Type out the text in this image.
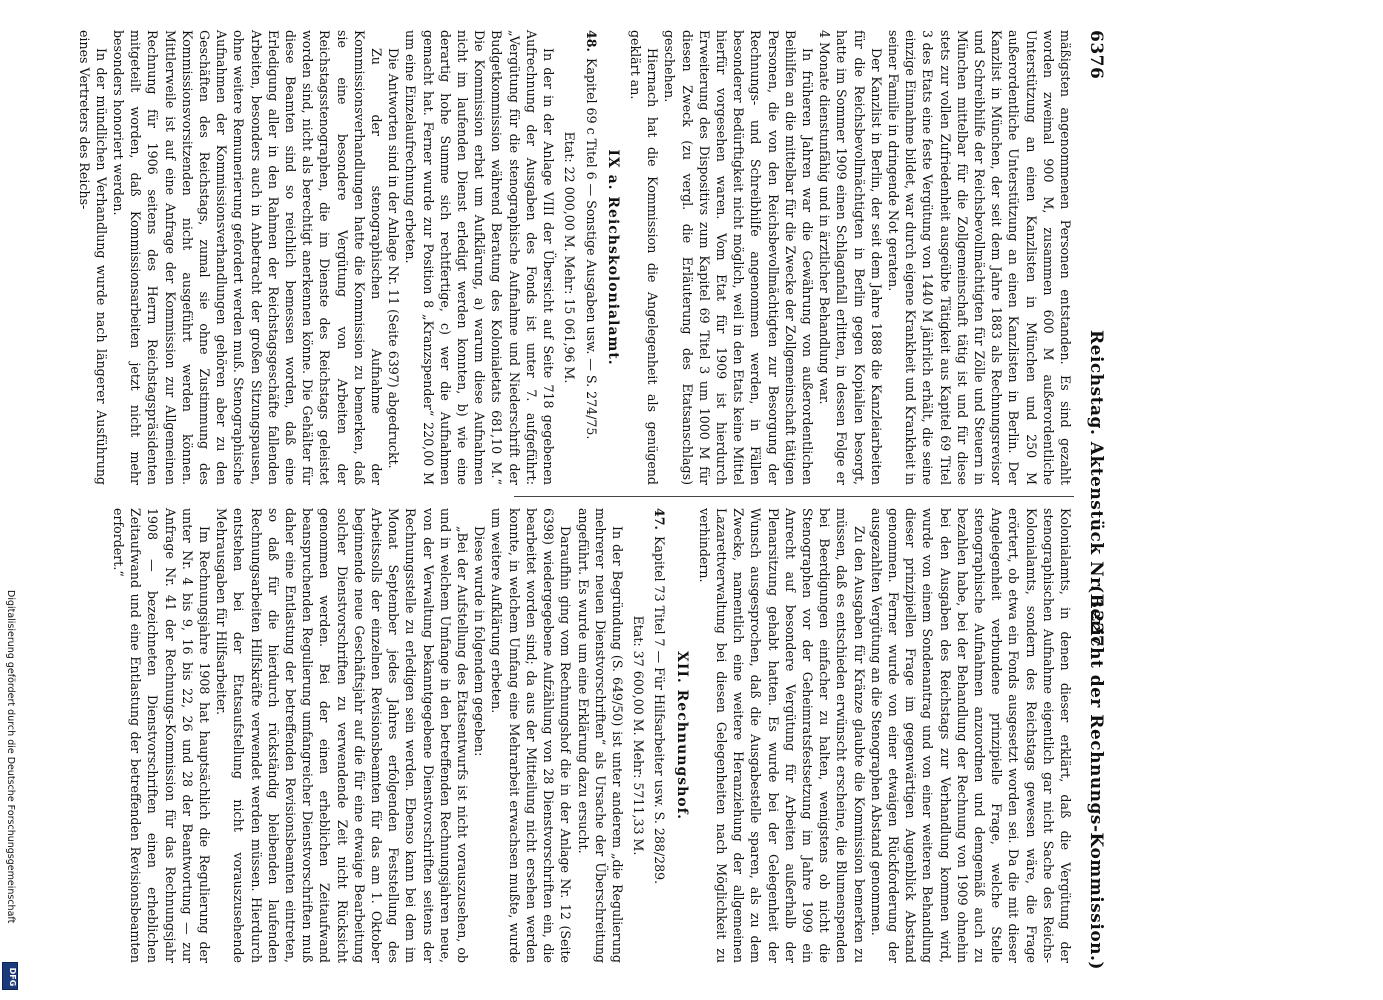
6376
Reichstag. Aktenstück Nr. 1227.
(Bericht der Rechnungs-Kommission.)

mäßigsten angenommenen Personen entstanden. Es sind gezahlt worden zweimal 900 M, zusammen 600 M außerordentliche Unterstützung an einen Kanzlisten in München und 250 M außerordentliche Unterstützung an einen Kanzlisten in Berlin. Der Kanzlist in München, der seit dem Jahre 1883 als Rechnungsrevisor und Schreibhilfe der Reichsbevollmächtigten für Zölle und Steuern in München mittelbar für die Zollgemeinschaft tätig ist und für diese stets zur vollen Zufriedenheit ausgeübte Tätigkeit aus Kapitel 69 Titel 3 des Etats eine feste Vergütung von 1440 M jährlich erhält, die seine einzige Einnahme bildet, war durch eigene Krankheit und Krankheit in seiner Familie in dringende Not geraten.

Der Kanzlist in Berlin, der seit dem Jahre 1888 die Kanzleiarbeiten für die Reichsbevollmächtigten in Berlin gegen Kopialien besorgt, hatte im Sommer 1909 einen Schlaganfall erlitten, in dessen Folge er 4 Monate dienstunfähig und in ärztlicher Behandlung war.

In früheren Jahren war die Gewährung von außerordentlichen Beihilfen an die mittelbar für die Zwecke der Zollgemeinschaft tätigen Personen, die von den Reichsbevollmächtigten zur Besorgung der Rechnungs- und Schreibhilfe angenommen werden, in Fällen besonderer Bedürftigkeit nicht möglich, weil in den Etats keine Mittel hierfür vorgesehen waren. Vom Etat für 1909 ist hierdurch Erweiterung des Dispositivs zum Kapitel 69 Titel 3 um 1000 M für diesen Zweck (zu vergl. die Erläuterung des Etatsanschlags) geschehen.

Hiernach hat die Kommission die Angelegenheit als genügend geklärt an.

IX a. Reichskolonialamt.

48.
Kapitel 69 c Titel 6 — Sonstige Ausgaben usw. — S. 274/75.

Etat: 22 000,00 M. Mehr: 15 061,96 M.

In der in der Anlage VIII der Übersicht auf Seite 718 gegebenen Aufrechnung der Ausgaben des Fonds ist unter 7. aufgeführt: „Vergütung für die stenographische Aufnahme und Niederschrift der Budgetkommission während Beratung des Kolonialetats 681,10 M.“ Die Kommission erbat um Aufklärung, a) warum diese Aufnahmen nicht im laufenden Dienst erledigt werden konnten, b) wie eine derartig hohe Summe sich rechtfertige, c) wer die Aufnahmen gemacht hat. Ferner wurde zur Position 8 „Kranzspender“ 220,00 M um eine Einzelaufrechnung erbeten.

Die Antworten sind in der Anlage Nr. 11 (Seite 6397) abgedruckt.

Zu der stenographischen Aufnahme der Kommissionsverhandlungen hatte die Kommission zu bemerken, daß sie eine besondere Vergütung von Arbeiten der Reichstagsstenographen, die im Dienste des Reichstags geleistet worden sind, nicht als berechtigt anerkennen könne. Die Gehälter für diese Beamten sind so reichlich bemessen worden, daß eine Erledigung aller in den Rahmen der Reichstagsgeschäfte fallenden Arbeiten, besonders auch in Anbetracht der großen Sitzungspausen, ohne weitere Remunerierung gefordert werden muß. Stenographische Aufnahmen der Kommissionsverhandlungen gehören aber zu den Geschäften des Reichstags, zumal sie ohne Zustimmung des Kommissionsvorsitzenden nicht ausgeführt werden können. Mittlerweile ist auf eine Anfrage der Kommission zur Allgemeinen Rechnung für 1906 seitens des Herrn Reichstagspräsidenten mitgeteilt worden, daß Kommissionsarbeiten jetzt nicht mehr besonders honoriert werden.

In der mündlichen Verhandlung wurde nach längerer Ausführung eines Vertreters des Reichs-

Kolonialamts, in denen dieser erklärt, daß die Vergütung der stenographischen Aufnahme eigentlich gar nicht Sache des Reichs-Kolonialamts, sondern des Reichstags gewesen wäre, die Frage erörtert, ob etwa ein Fonds ausgesetzt worden sei. Da die mit dieser Angelegenheit verbundene prinzipielle Frage, welche Stelle stenographische Aufnahmen anzuordnen und demgemäß auch zu bezahlen habe, bei der Behandlung der Rechnung von 1909 ohnehin bei den Ausgaben des Reichstags zur Verhandlung kommen wird, wurde von einem Sondenantrag und von einer weiteren Behandlung dieser prinzipiellen Frage im gegenwärtigen Augenblick Abstand genommen. Ferner wurde von einer etwaigen Rückforderung der ausgezahlten Vergütung an die Stenographen Abstand genommen.

Zu den Ausgaben für Kränze glaubte die Kommission bemerken zu müssen, daß es entschieden erwünscht erscheine, die Blumenspenden bei Beerdigungen einfacher zu halten, wenigstens ob nicht die Stenographen vor der Geheimratsfestsetzung im Jahre 1909 ein Anrecht auf besondere Vergütung für Arbeiten außerhalb der Plenarsitzung gehabt hatten. Es wurde bei der Gelegenheit der Wunsch ausgesprochen, daß die Ausgabestelle sparen, als zu dem Zwecke, namentlich eine weitere Heranziehung der allgemeinen Lazarettverwaltung bei diesen Gelegenheiten nach Möglichkeit zu verhindern.

XII. Rechnungshof.

47.
Kapitel 73 Titel 7 — Für Hilfsarbeiter usw. S. 288/289.

Etat: 37 600,00 M. Mehr: 5711,33 M.

In der Begründung (S. 649/50) ist unter anderem „die Regulierung mehrerer neuen Dienstvorschriften“ als Ursache der Überschreitung angeführt. Es wurde um eine Erklärung dazu ersucht.

Daraufhin ging vom Rechnungshof die in der Anlage Nr. 12 (Seite 6398) wiedergegebene Aufzählung von 28 Dienstvorschriften ein, die bearbeitet worden sind; da aus der Mitteilung nicht ersehen werden konnte, in welchem Umfang eine Mehrarbeit erwachsen mußte, wurde um weitere Aufklärung erbeten.

Diese wurde in folgendem gegeben:

„Bei der Aufstellung des Etatsentwurfs ist nicht vorauszusehen, ob und in welchem Umfange in den betreffenden Rechnungsjahren neue, von der Verwaltung bekanntgegebene Dienstvorschriften seitens der Rechnungsstelle zu erledigen sein werden. Ebenso kann bei dem im Monat September jedes Jahres erfolgenden Feststellung des Arbeitssolls der einzelnen Revisionsbeamten für das am 1. Oktober beginnende neue Geschäftsjahr auf die für eine etwaige Bearbeitung solcher Dienstvorschriften zu verwendende Zeit nicht Rücksicht genommen werden. Bei der einen erheblichen Zeitaufwand beanspruchenden Regulierung umfangreicher Dienstvorschriften muß daher eine Entlastung der betreffenden Revisionsbeamten eintreten, so daß für die hierdurch rückständig bleibenden laufenden Rechnungsarbeiten Hilfskräfte verwendet werden müssen. Hierdurch entstehen bei der Etatsaufstellung nicht vorauszusehende Mehrausgaben für Hilfsarbeiter.

Im Rechnungsjahre 1908 hat hauptsächlich die Regulierung der unter Nr. 4 bis 9, 16 bis 22, 26 und 28 der Beantwortung — zur Anfrage Nr. 41 der Rechnungs-Kommission für das Rechnungsjahr 1908 — bezeichneten Dienstvorschriften einen erheblichen Zeitaufwand und eine Entlastung der betreffenden Revisionsbeamten erfordert.“

Digitalisierung gefördert durch die Deutsche Forschungsgemeinschaft
DFG
